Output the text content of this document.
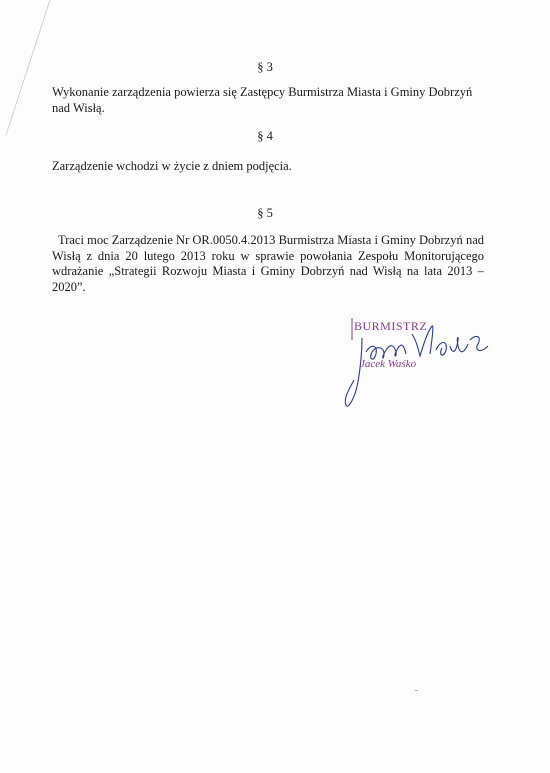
§ 3
Wykonanie zarządzenia powierza się Zastępcy Burmistrza Miasta i Gminy Dobrzyń nad Wisłą.
§ 4
Zarządzenie wchodzi w życie z dniem podjęcia.
§ 5
Traci moc Zarządzenie Nr OR.0050.4.2013 Burmistrza Miasta i Gminy Dobrzyń nad Wisłą z dnia 20 lutego 2013 roku w sprawie powołania Zespołu Monitorującego wdrażanie „Strategii Rozwoju Miasta i Gminy Dobrzyń nad Wisłą na lata 2013 – 2020”.
BURMISTRZ
Jacek Waśko
